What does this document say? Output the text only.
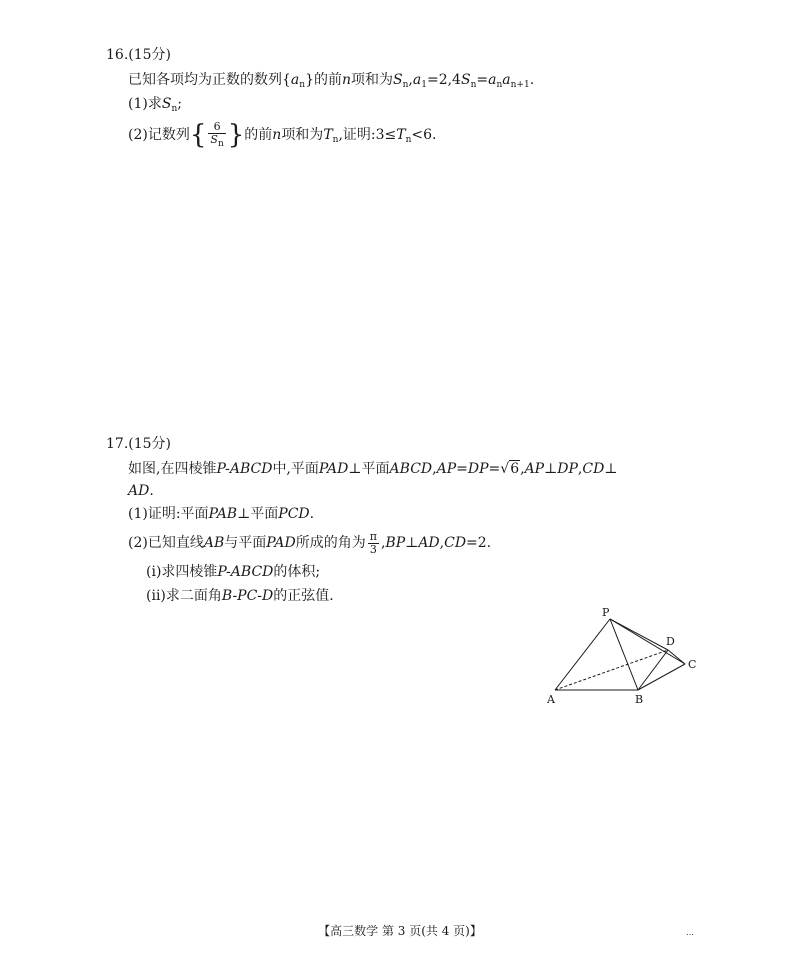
16.(15分)
已知各项均为正数的数列$\{a_n\}$的前n项和为$S_n,a_1=2,4S_n=a_na_{n+1}$.
(1)求$S_n$;
(2)记数列{ $\frac{6}{S_n}$ }的前n项和为$T_n$,证明$:3\le T_n<6$.
17.(15分)
如图,在四棱锥P-ABCD中,平面PAD⊥平面ABCD,AP=DP=√6,AP⊥DP,CD⊥
AD.
(1)证明:平面PAB⊥平面PCD.
(2)已知直线AB与平面PAD所成的角为 $\frac{\pi}{3}$ ,BP⊥AD,CD=2.
(ⅰ)求四棱锥P-ABCD的体积;
(ⅱ)求二面角B-PC-D的正弦值.
P
D
C
A	B
【高三数学 第 3 页(共 4 页)】	…
